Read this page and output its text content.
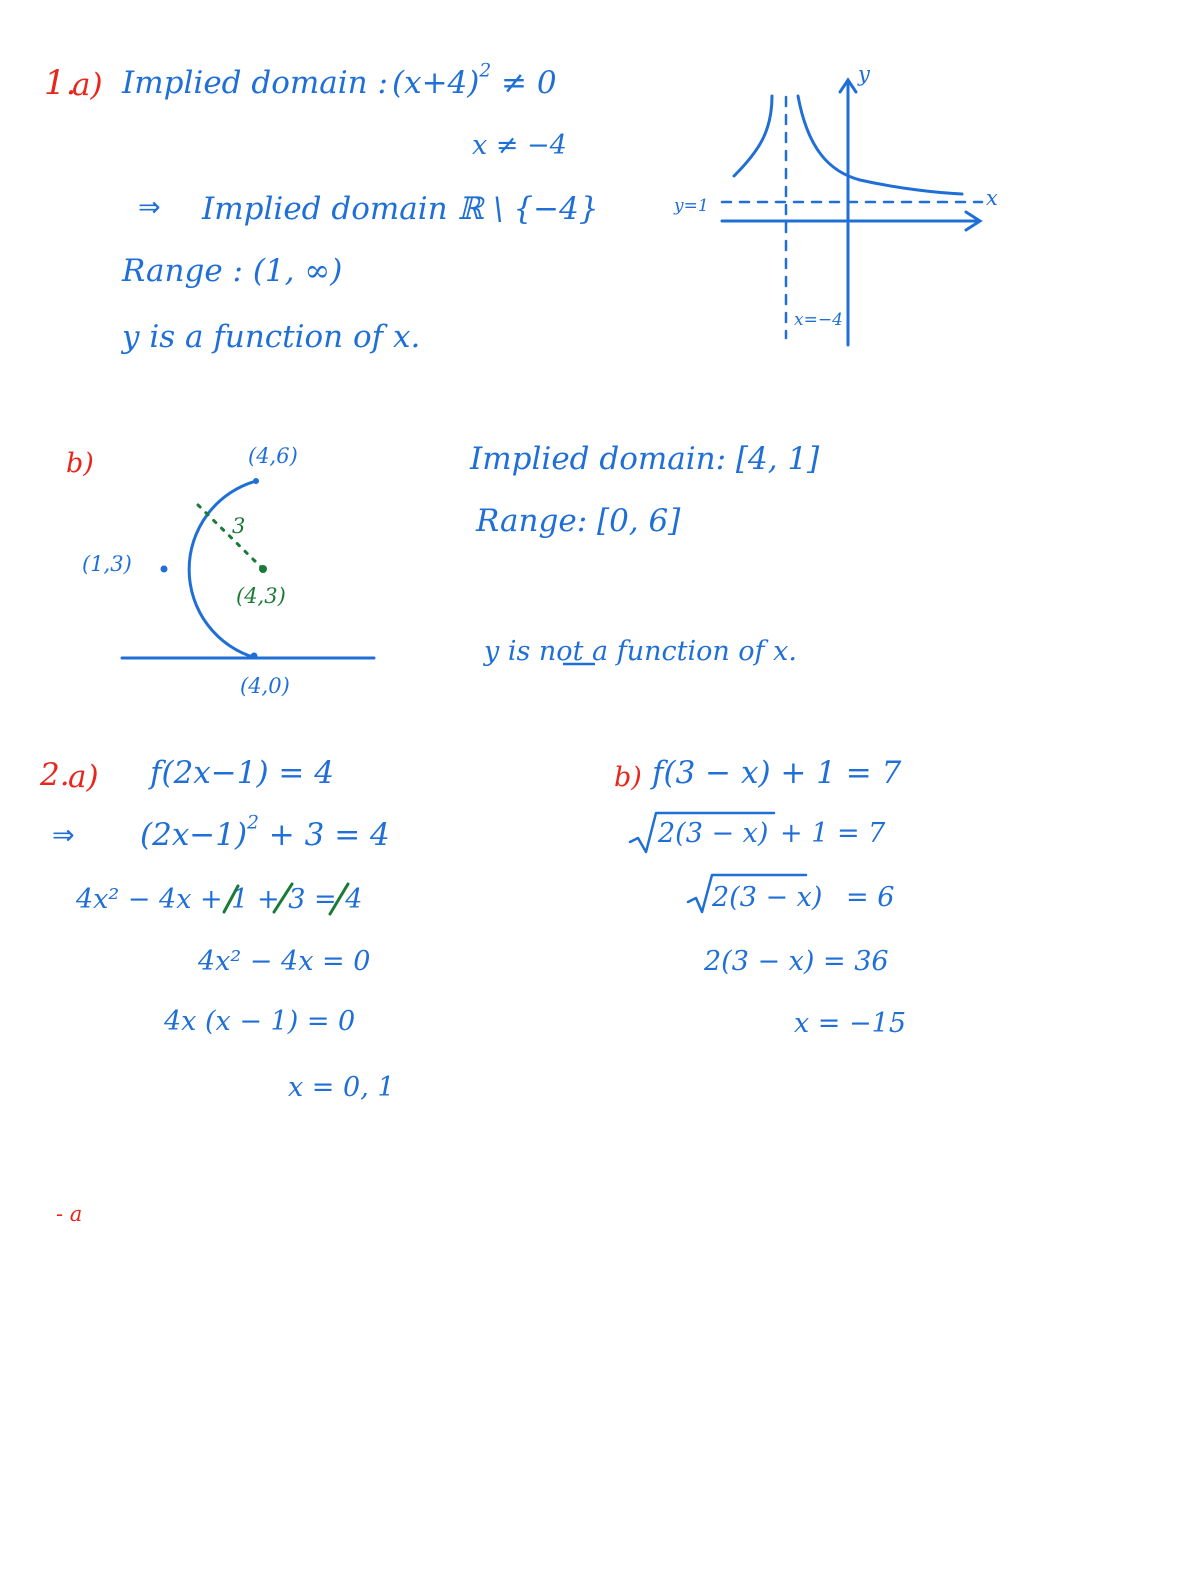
1.
a) Implied domain : $(x+4)^2 \ne 0$
x ≠ −4
⇒ Implied domain ℝ \ {−4}
Range : (1, ∞)
y is a function of x.
y
x
y=1
x=−4
b)	(4,6)
(1,3)
(4,3)
3
(4,0)
Implied domain: [4, 1]
Range: [0, 6]
y is not a function of x.
2.
a) f(2x−1) = 4
⇒ $(2x-1)^2 + 3 = 4$
4x² − 4x + 1 + 3 = 4
4x² − 4x = 0
4x (x − 1) = 0
x = 0, 1
b) f(3 − x) + 1 = 7
2(3 − x) + 1 = 7
2(3 − x) = 6
2(3 − x) = 36
x = −15
- a
